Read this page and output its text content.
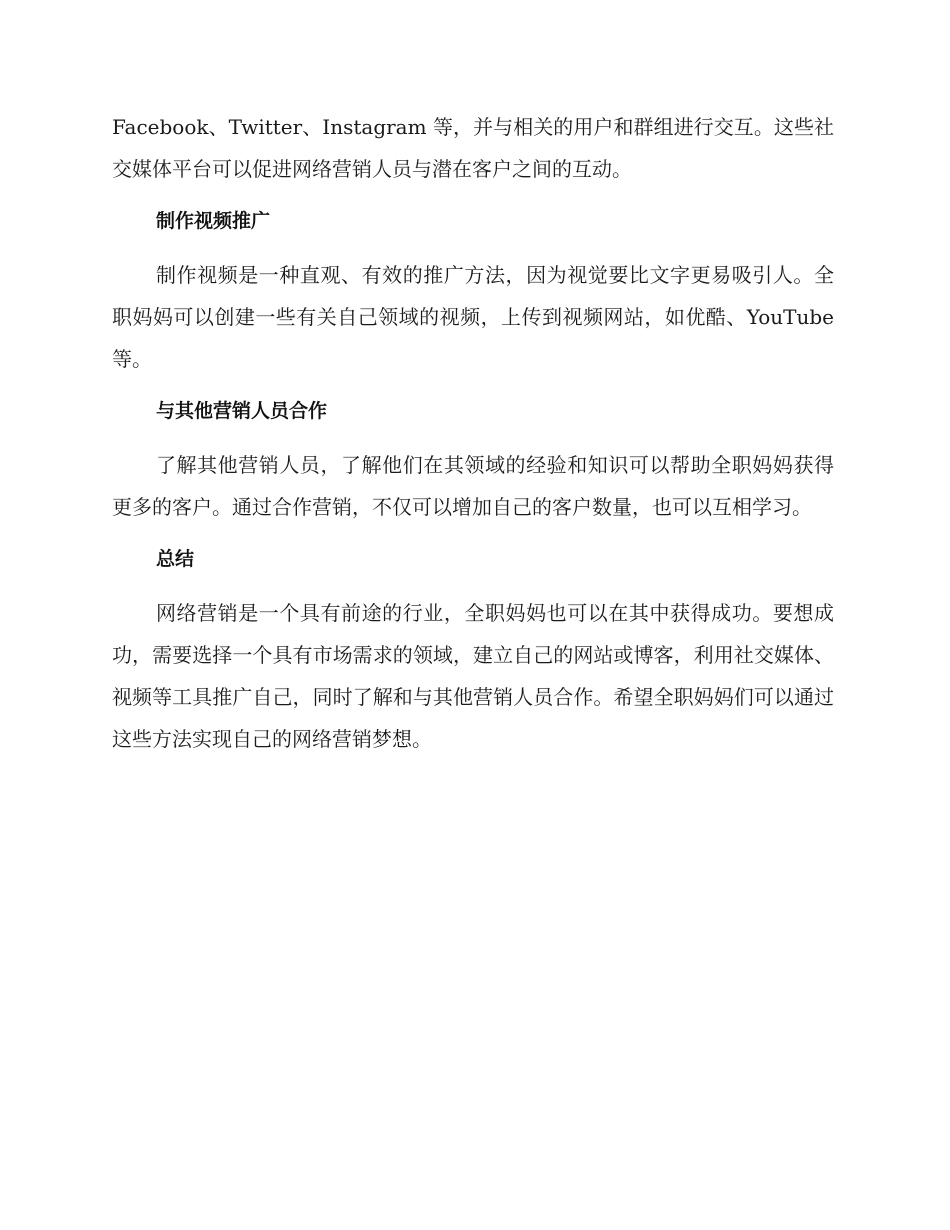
Facebook、Twitter、Instagram 等，并与相关的用户和群组进行交互。这些社交媒体平台可以促进网络营销人员与潜在客户之间的互动。

制作视频推广

制作视频是一种直观、有效的推广方法，因为视觉要比文字更易吸引人。全职妈妈可以创建一些有关自己领域的视频，上传到视频网站，如优酷、YouTube 等。

与其他营销人员合作

了解其他营销人员，了解他们在其领域的经验和知识可以帮助全职妈妈获得更多的客户。通过合作营销，不仅可以增加自己的客户数量，也可以互相学习。

总结

网络营销是一个具有前途的行业，全职妈妈也可以在其中获得成功。要想成功，需要选择一个具有市场需求的领域，建立自己的网站或博客，利用社交媒体、视频等工具推广自己，同时了解和与其他营销人员合作。希望全职妈妈们可以通过这些方法实现自己的网络营销梦想。
